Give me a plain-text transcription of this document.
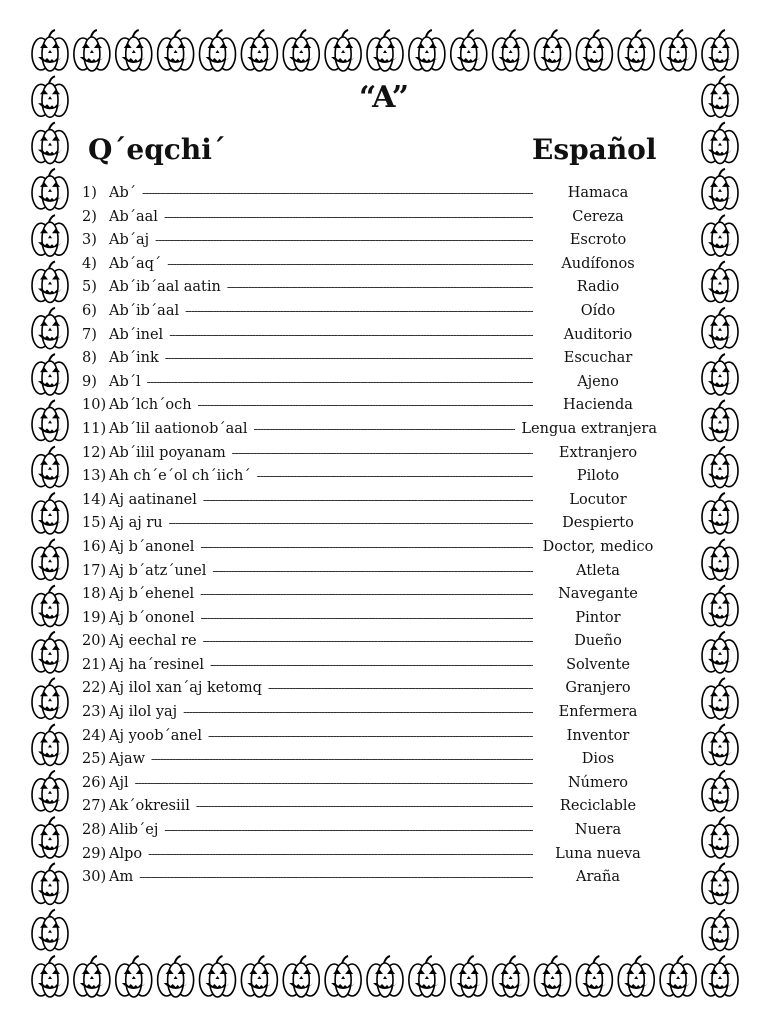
“A”
Q´eqchi´	Español
1) Ab´ -----	Hamaca
2) Ab´aal -----	Cereza
3) Ab´aj -----	Escroto
4) Ab´aq´ -----	Audífonos
5) Ab´ib´aal aatin -----	Radio
6) Ab´ib´aal -----	Oído
7) Ab´inel -----	Auditorio
8) Ab´ink -----	Escuchar
9) Ab´l -----	Ajeno
10) Ab´lch´och -----	Hacienda
11) Ab´lil aationob´aal -----	Lengua extranjera
12) Ab´ilil poyanam -----	Extranjero
13) Ah ch´e´ol ch´iich´ -----	Piloto
14) Aj aatinanel -----	Locutor
15) Aj aj ru -----	Despierto
16) Aj b´anonel -----	Doctor, medico
17) Aj b´atz´unel -----	Atleta
18) Aj b´ehenel -----	Navegante
19) Aj b´ononel -----	Pintor
20) Aj eechal re -----	Dueño
21) Aj ha´resinel -----	Solvente
22) Aj ilol xan´aj ketomq -----	Granjero
23) Aj ilol yaj -----	Enfermera
24) Aj yoob´anel -----	Inventor
25) Ajaw -----	Dios
26) Ajl -----	Número
27) Ak´okresiil -----	Reciclable
28) Alib´ej -----	Nuera
29) Alpo -----	Luna nueva
30) Am -----	Araña
